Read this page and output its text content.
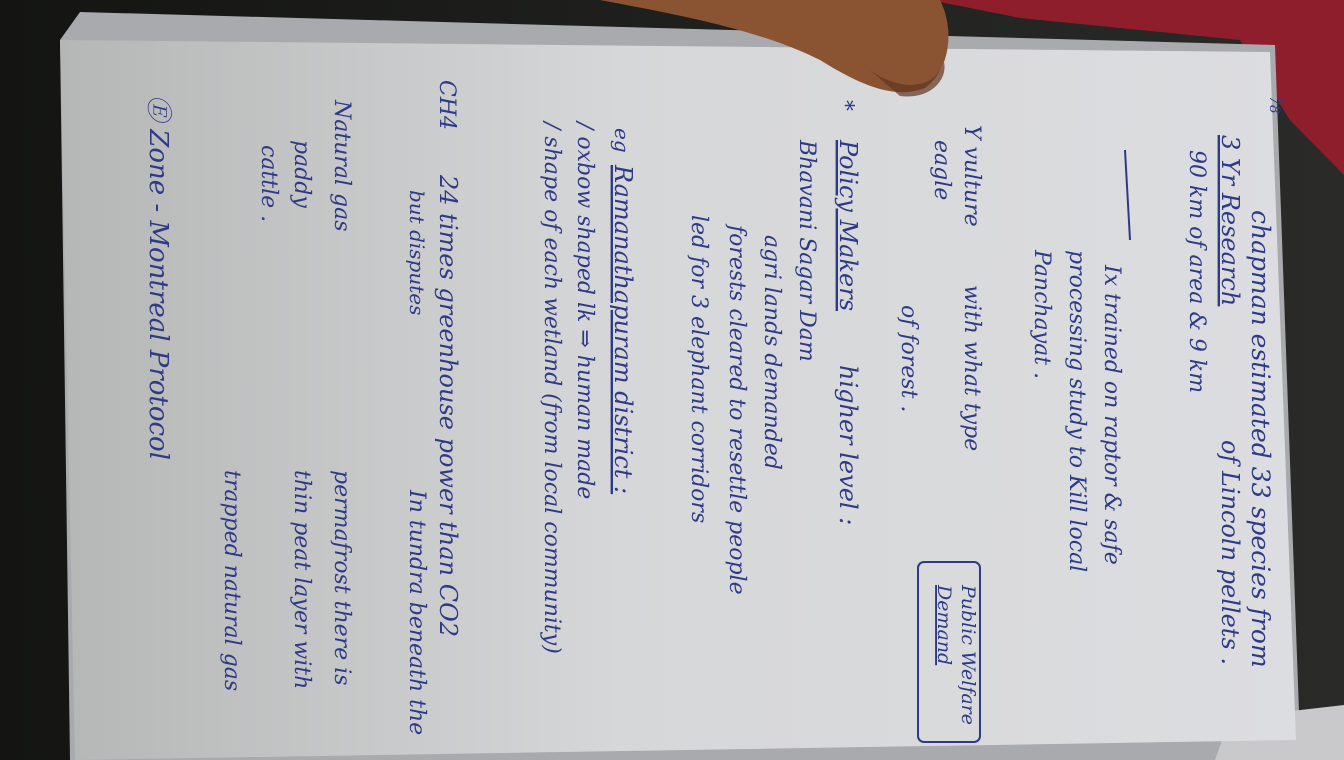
78
chapman estimated 33 species from
3 Yr Research
of Lincoln pellets .
90 km of area & 9 km
Ix trained on raptor & safe
processing study to Kill local
Panchayat .
Y vulture
with what type
eagle
of forest .
Public Welfare
Demand
*
Policy Makers
higher level :
Bhavani Sagar Dam
agri lands demanded
forests cleared to resettle people
led for 3 elephant corridors
eg
Ramanathapuram district :
/ oxbow shaped lk ⇒ human made
/ shape of each wetland (from local community)
CH4
24 times greenhouse power than CO2
but disputes
In tundra beneath the
Natural gas
permafrost there is
paddy
thin peat layer with
cattle .
trapped natural gas
Ⓔ Zone - Montreal Protocol
